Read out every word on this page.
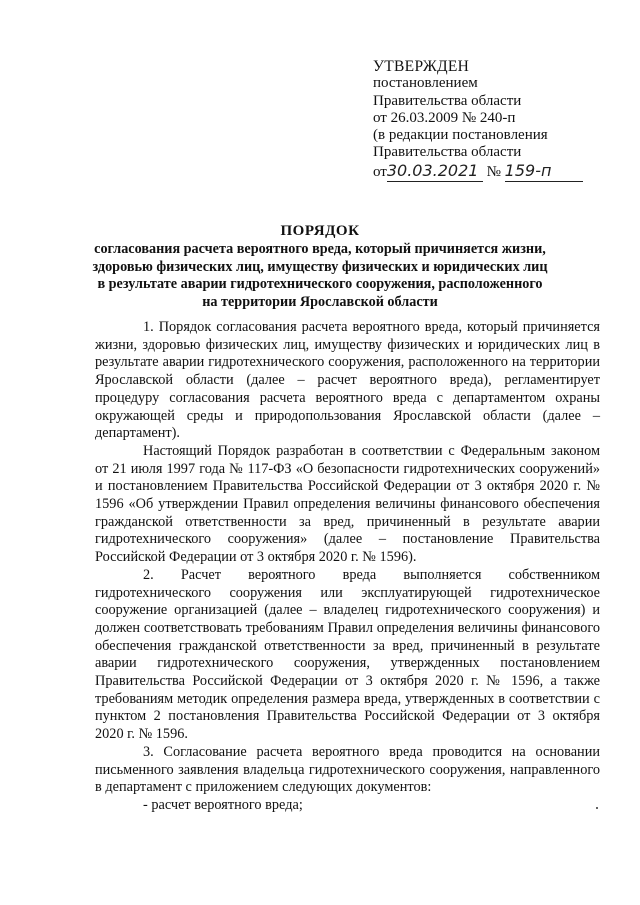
УТВЕРЖДЕН
постановлением
Правительства области
от 26.03.2009 № 240-п
(в редакции постановления
Правительства области
от30.03.2021 № 159-п
ПОРЯДОК
согласования расчета вероятного вреда, который причиняется жизни, здоровью физических лиц, имуществу физических и юридических лиц в результате аварии гидротехнического сооружения, расположенного на территории Ярославской области

1. Порядок согласования расчета вероятного вреда, который причиняется жизни, здоровью физических лиц, имуществу физических и юридических лиц в результате аварии гидротехнического сооружения, расположенного на территории Ярославской области (далее – расчет вероятного вреда), регламентирует процедуру согласования расчета вероятного вреда с департаментом охраны окружающей среды и природопользования Ярославской области (далее – департамент).

Настоящий Порядок разработан в соответствии с Федеральным законом от 21 июля 1997 года № 117-ФЗ «О безопасности гидротехнических сооружений» и постановлением Правительства Российской Федерации от 3 октября 2020 г. № 1596 «Об утверждении Правил определения величины финансового обеспечения гражданской ответственности за вред, причиненный в результате аварии гидротехнического сооружения» (далее – постановление Правительства Российской Федерации от 3 октября 2020 г. № 1596).

2. Расчет вероятного вреда выполняется собственником гидротехнического сооружения или эксплуатирующей гидротехническое сооружение организацией (далее – владелец гидротехнического сооружения) и должен соответствовать требованиям Правил определения величины финансового обеспечения гражданской ответственности за вред, причиненный в результате аварии гидротехнического сооружения, утвержденных постановлением Правительства Российской Федерации от 3 октября 2020 г. № 1596, а также требованиям методик определения размера вреда, утвержденных в соответствии с пунктом 2 постановления Правительства Российской Федерации от 3 октября 2020 г. № 1596.

3. Согласование расчета вероятного вреда проводится на основании письменного заявления владельца гидротехнического сооружения, направленного в департамент с приложением следующих документов:

- расчет вероятного вреда;
